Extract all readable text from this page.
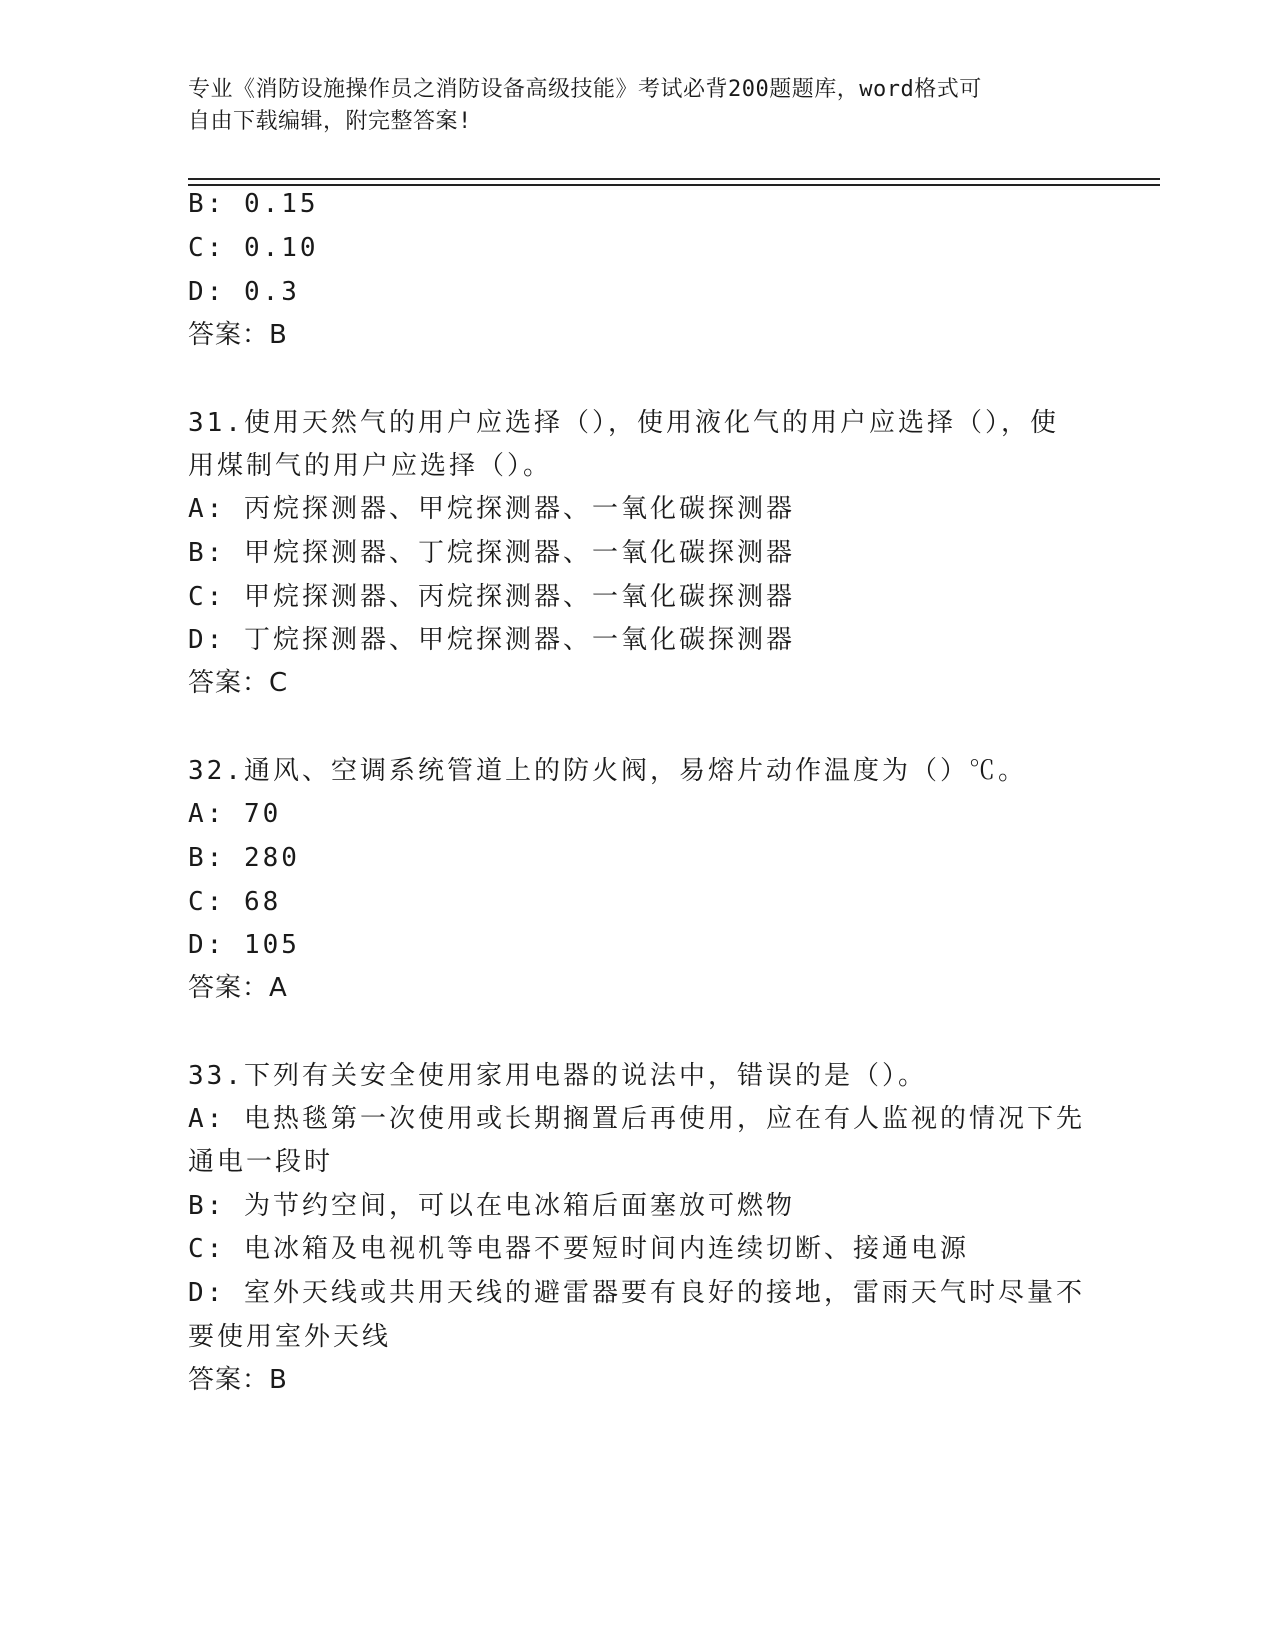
专业《消防设施操作员之消防设备高级技能》考试必背200题题库，word格式可
自由下载编辑，附完整答案!
B: 0.15
C: 0.10
D: 0.3
答案：B
31.使用天然气的用户应选择（），使用液化气的用户应选择（），使
用煤制气的用户应选择（）。
A: 丙烷探测器、甲烷探测器、一氧化碳探测器
B: 甲烷探测器、丁烷探测器、一氧化碳探测器
C: 甲烷探测器、丙烷探测器、一氧化碳探测器
D: 丁烷探测器、甲烷探测器、一氧化碳探测器
答案：C
32.通风、空调系统管道上的防火阀，易熔片动作温度为（）℃。
A: 70
B: 280
C: 68
D: 105
答案：A
33.下列有关安全使用家用电器的说法中，错误的是（）。
A: 电热毯第一次使用或长期搁置后再使用，应在有人监视的情况下先
通电一段时
B: 为节约空间，可以在电冰箱后面塞放可燃物
C: 电冰箱及电视机等电器不要短时间内连续切断、接通电源
D: 室外天线或共用天线的避雷器要有良好的接地，雷雨天气时尽量不
要使用室外天线
答案：B
